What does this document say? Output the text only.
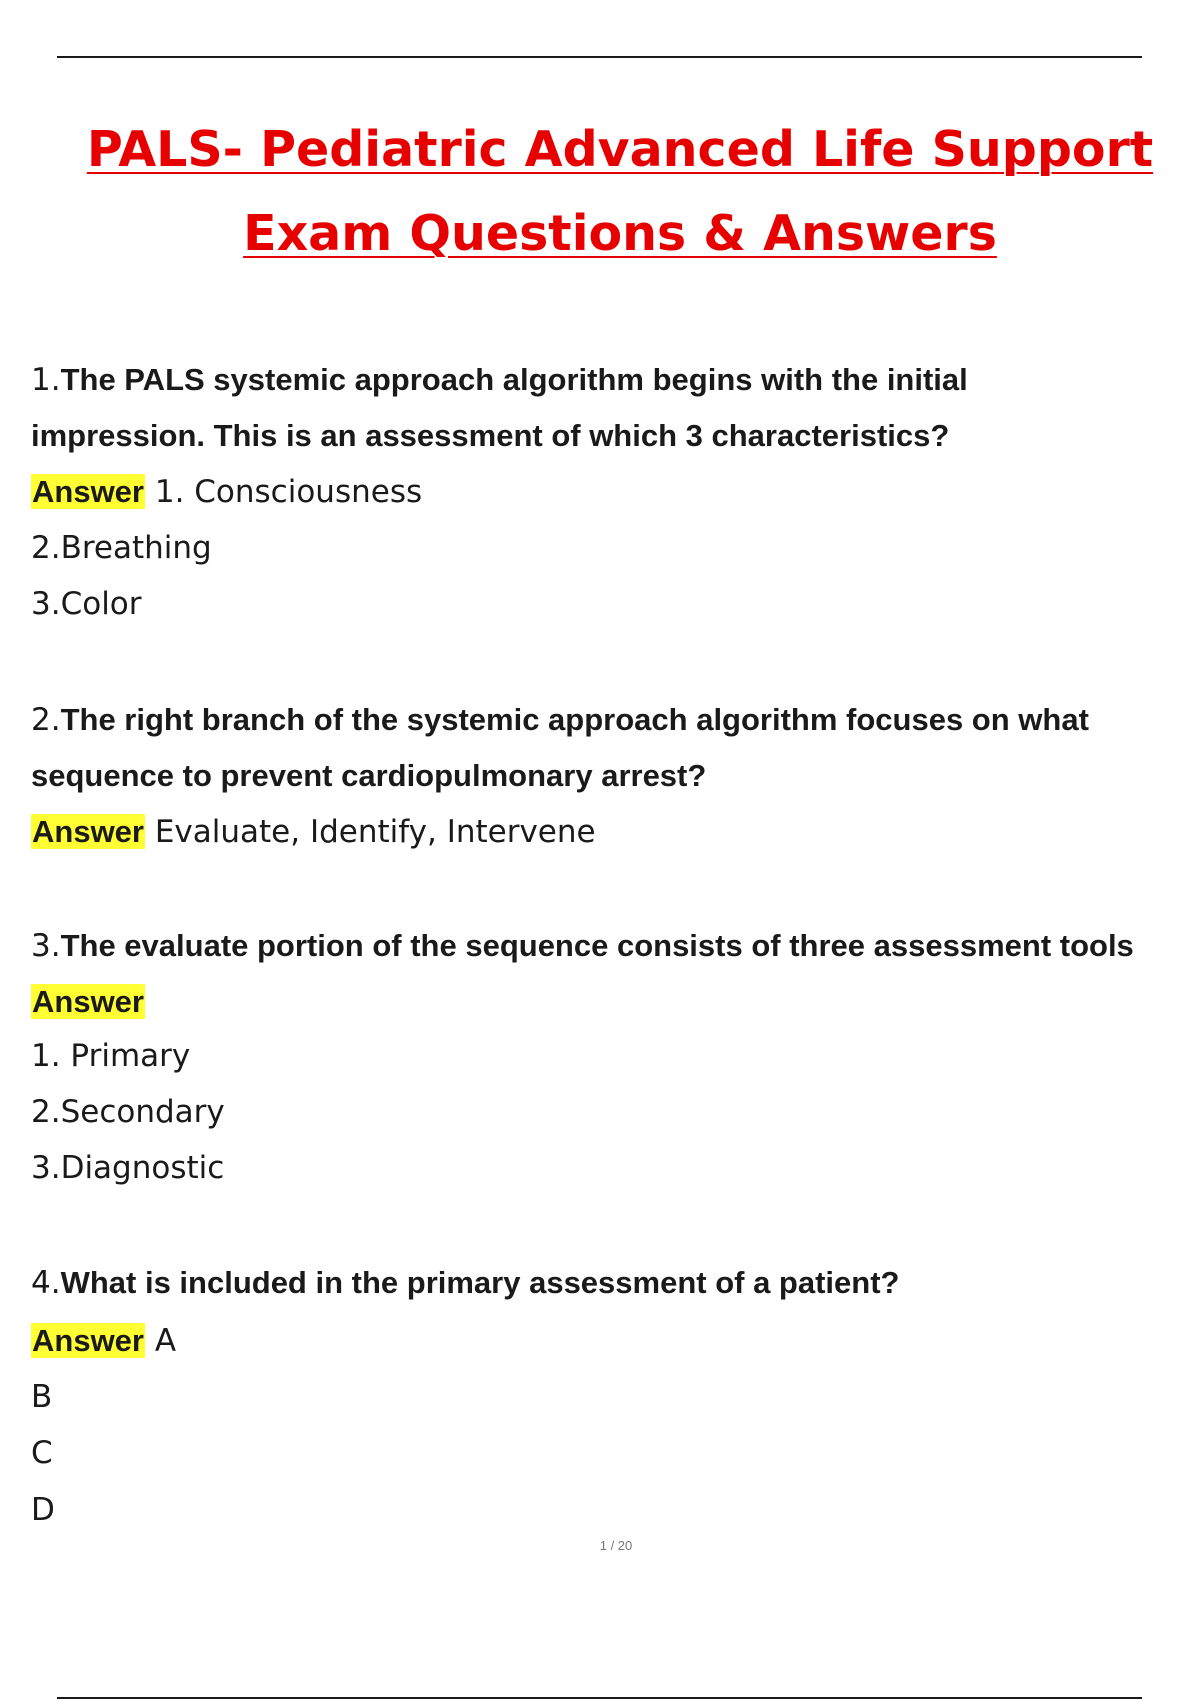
PALS- Pediatric Advanced Life Support
Exam Questions & Answers
1.The PALS systemic approach algorithm begins with the initial
impression. This is an assessment of which 3 characteristics?
Answer 1. Consciousness
2.Breathing
3.Color
2.The right branch of the systemic approach algorithm focuses on what
sequence to prevent cardiopulmonary arrest?
Answer Evaluate, Identify, Intervene
3.The evaluate portion of the sequence consists of three assessment tools
Answer
1. Primary
2.Secondary
3.Diagnostic
4.What is included in the primary assessment of a patient?
Answer A
B
C
D
1 / 20
